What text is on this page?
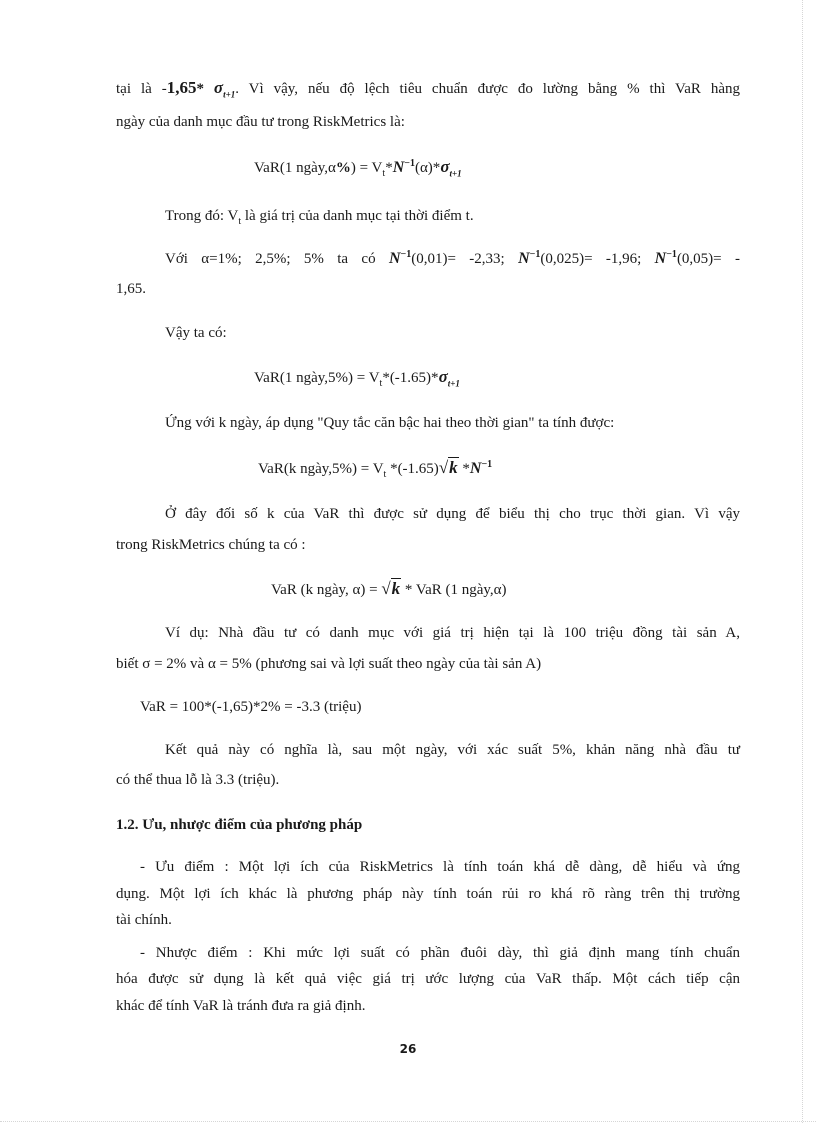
tại là -1,65* $\sigma_{t+1}$. Vì vậy, nếu độ lệch tiêu chuẩn được đo lường bằng % thì VaR hàng
ngày của danh mục đầu tư trong RiskMetrics là:
VaR(1 ngày,α%) = $V_t*N^{-1}(\alpha)*\sigma_{t+1}$
Trong đó: $V_t$ là giá trị của danh mục tại thời điểm t.
Với α=1%; 2,5%; 5% ta có $N^{-1}(0,01)= -2,33$; $N^{-1}(0,025)= -1,96$; $N^{-1}(0,05)=$ -
1,65.
Vậy ta có:
VaR(1 ngày,5%) = $V_t*(-1.65)*\sigma_{t+1}$
Ứng với k ngày, áp dụng "Quy tắc căn bậc hai theo thời gian" ta tính được:
VaR(k ngày,5%) = $V_t$ *(-1.65)√k $*N^{-1}$
Ở đây đối số k của VaR thì được sử dụng để biểu thị cho trục thời gian. Vì vậy
trong RiskMetrics chúng ta có :
VaR (k ngày, α) = √k * VaR (1 ngày,α)
Ví dụ: Nhà đầu tư có danh mục với giá trị hiện tại là 100 triệu đồng tài sản A,
biết σ = 2% và α = 5% (phương sai và lợi suất theo ngày của tài sản A)
VaR = 100*(-1,65)*2% = -3.3 (triệu)
Kết quả này có nghĩa là, sau một ngày, với xác suất 5%, khản năng nhà đầu tư
có thể thua lỗ là 3.3 (triệu).
1.2. Ưu, nhược điểm của phương pháp
- Ưu điểm : Một lợi ích của RiskMetrics là tính toán khá dễ dàng, dễ hiểu và ứng
dụng. Một lợi ích khác là phương pháp này tính toán rủi ro khá rõ ràng trên thị trường
tài chính.
- Nhược điểm : Khi mức lợi suất có phần đuôi dày, thì giả định mang tính chuẩn
hóa được sử dụng là kết quả việc giá trị ước lượng của VaR thấp. Một cách tiếp cận
khác để tính VaR là tránh đưa ra giả định.
26
